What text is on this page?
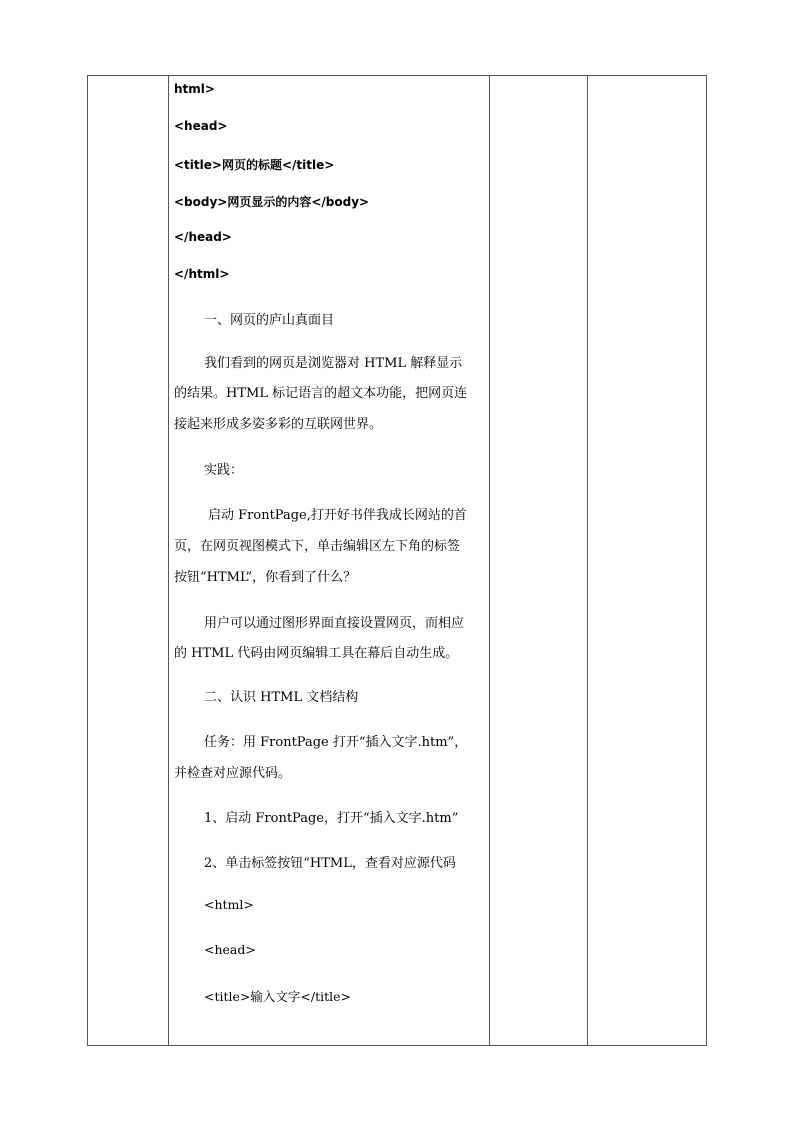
html>
<head>
<title>网页的标题</title>
<body>网页显示的内容</body>
</head>
</html>
一、网页的庐山真面目
我们看到的网页是浏览器对 HTML 解释显示
的结果。HTML 标记语言的超文本功能，把网页连
接起来形成多姿多彩的互联网世界。
实践：
启动 FrontPage,打开好书伴我成长网站的首
页，在网页视图模式下，单击编辑区左下角的标签
按钮“HTML”，你看到了什么？
用户可以通过图形界面直接设置网页，而相应
的 HTML 代码由网页编辑工具在幕后自动生成。
二、认识 HTML 文档结构
任务：用 FrontPage 打开“插入文字.htm”，
并检查对应源代码。
1、启动 FrontPage，打开“插入文字.htm”
2、单击标签按钮“HTML，查看对应源代码
<html>
<head>
<title>输入文字</title>
